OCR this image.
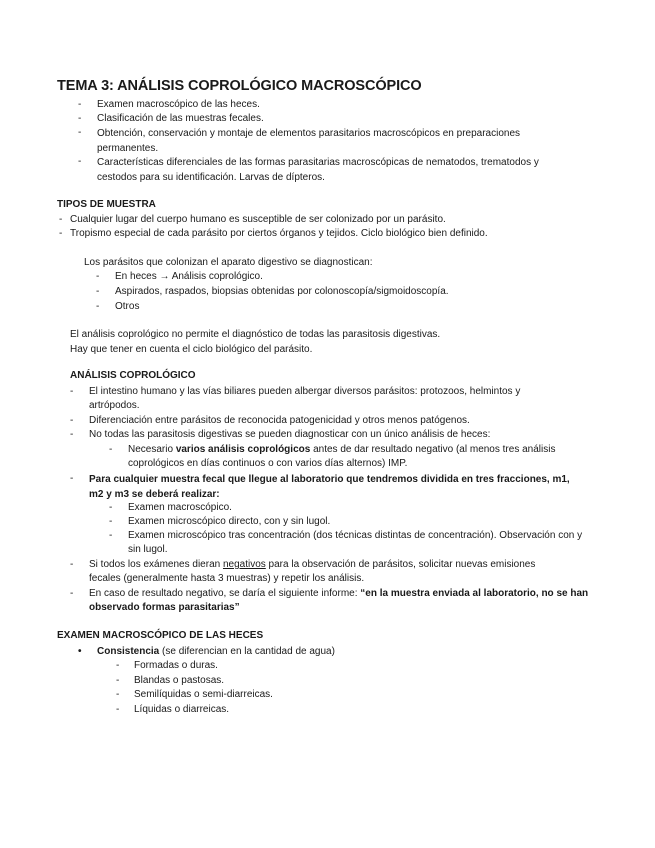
TEMA 3: ANÁLISIS COPROLÓGICO MACROSCÓPICO
- Examen macroscópico de las heces.
- Clasificación de las muestras fecales.
- Obtención, conservación y montaje de elementos parasitarios macroscópicos en preparaciones permanentes.
- Características diferenciales de las formas parasitarias macroscópicas de nematodos, trematodos y cestodos para su identificación. Larvas de dípteros.
TIPOS DE MUESTRA
- Cualquier lugar del cuerpo humano es susceptible de ser colonizado por un parásito.
- Tropismo especial de cada parásito por ciertos órganos y tejidos. Ciclo biológico bien definido.
Los parásitos que colonizan el aparato digestivo se diagnostican:
- En heces → Análisis coprológico.
- Aspirados, raspados, biopsias obtenidas por colonoscopía/sigmoidoscopía.
- Otros
El análisis coprológico no permite el diagnóstico de todas las parasitosis digestivas.
Hay que tener en cuenta el ciclo biológico del parásito.
ANÁLISIS COPROLÓGICO
- El intestino humano y las vías biliares pueden albergar diversos parásitos: protozoos, helmintos y artrópodos.
- Diferenciación entre parásitos de reconocida patogenicidad y otros menos patógenos.
- No todas las parasitosis digestivas se pueden diagnosticar con un único análisis de heces:
- Necesario varios análisis coprológicos antes de dar resultado negativo (al menos tres análisis coprológicos en días continuos o con varios días alternos) IMP.
- Para cualquier muestra fecal que llegue al laboratorio que tendremos dividida en tres fracciones, m1, m2 y m3 se deberá realizar:
- Examen macroscópico.
- Examen microscópico directo, con y sin lugol.
- Examen microscópico tras concentración (dos técnicas distintas de concentración). Observación con y sin lugol.
- Si todos los exámenes dieran negativos para la observación de parásitos, solicitar nuevas emisiones fecales (generalmente hasta 3 muestras) y repetir los análisis.
- En caso de resultado negativo, se daría el siguiente informe: “en la muestra enviada al laboratorio, no se han observado formas parasitarias”
EXAMEN MACROSCÓPICO DE LAS HECES
• Consistencia (se diferencian en la cantidad de agua)
- Formadas o duras.
- Blandas o pastosas.
- Semilíquidas o semi-diarreicas.
- Líquidas o diarreicas.
